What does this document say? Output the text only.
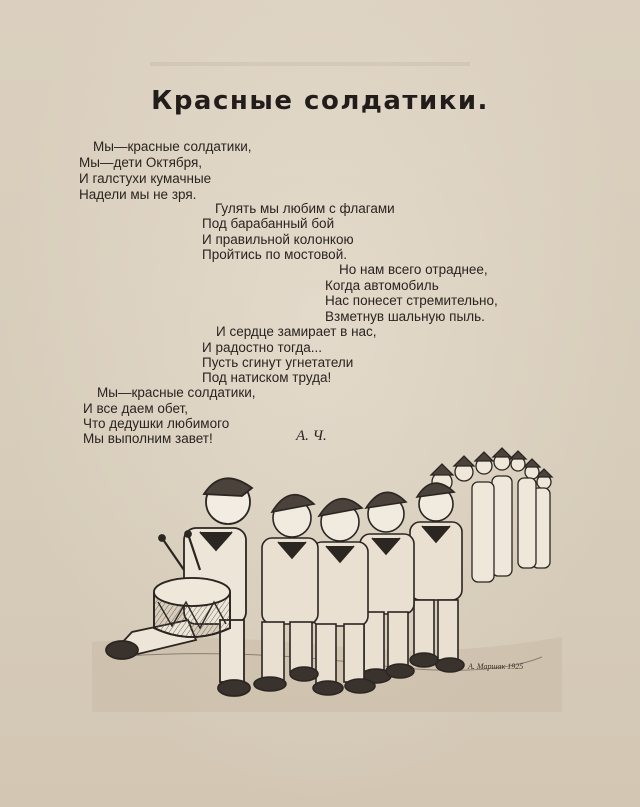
Красные солдатики.
Мы—красные солдатики,
Мы—дети Октября,
И галстухи кумачные
Надели мы не зря.
Гулять мы любим с флагами
Под барабанный бой
И правильной колонкою
Пройтись по мостовой.
Но нам всего отраднее,
Когда автомобиль
Нас понесет стремительно,
Взметнув шальную пыль.
И сердце замирает в нас,
И радостно тогда...
Пусть сгинут угнетатели
Под натиском труда!
Мы—красные солдатики,
И все даем обет,
Что дедушки любимого
Мы выполним завет!	А. Ч.
А. Маршак 1925
